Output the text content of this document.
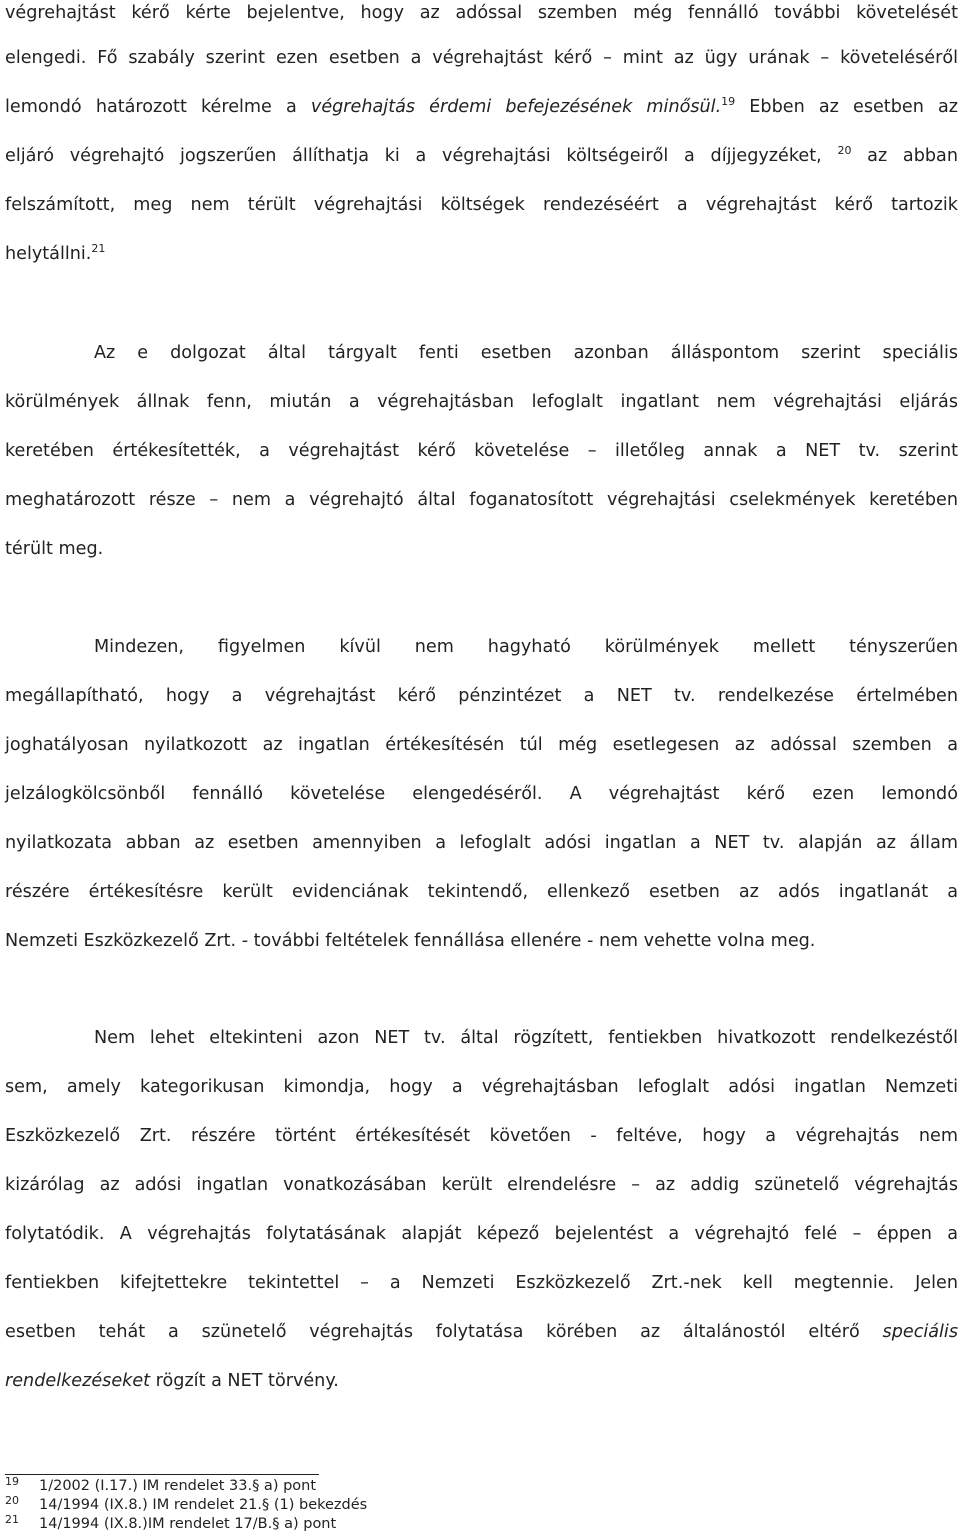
végrehajtást kérő kérte bejelentve, hogy az adóssal szemben még fennálló további követelését
elengedi. Fő szabály szerint ezen esetben a végrehajtást kérő – mint az ügy urának – követeléséről
lemondó határozott kérelme a végrehajtás érdemi befejezésének minősül.$^{19}$ Ebben az esetben az
eljáró végrehajtó jogszerűen állíthatja ki a végrehajtási költségeiről a díjjegyzéket, $^{20}$ az abban
felszámított, meg nem térült végrehajtási költségek rendezéséért a végrehajtást kérő tartozik
helytállni.$^{21}$
Az e dolgozat által tárgyalt fenti esetben azonban álláspontom szerint speciális
körülmények állnak fenn, miután a végrehajtásban lefoglalt ingatlant nem végrehajtási eljárás
keretében értékesítették, a végrehajtást kérő követelése – illetőleg annak a NET tv. szerint
meghatározott része – nem a végrehajtó által foganatosított végrehajtási cselekmények keretében
térült meg.
Mindezen, figyelmen kívül nem hagyható körülmények mellett tényszerűen
megállapítható, hogy a végrehajtást kérő pénzintézet a NET tv. rendelkezése értelmében
joghatályosan nyilatkozott az ingatlan értékesítésén túl még esetlegesen az adóssal szemben a
jelzálogkölcsönből fennálló követelése elengedéséről. A végrehajtást kérő ezen lemondó
nyilatkozata abban az esetben amennyiben a lefoglalt adósi ingatlan a NET tv. alapján az állam
részére értékesítésre került evidenciának tekintendő, ellenkező esetben az adós ingatlanát a
Nemzeti Eszközkezelő Zrt. - további feltételek fennállása ellenére - nem vehette volna meg.
Nem lehet eltekinteni azon NET tv. által rögzített, fentiekben hivatkozott rendelkezéstől
sem, amely kategorikusan kimondja, hogy a végrehajtásban lefoglalt adósi ingatlan Nemzeti
Eszközkezelő Zrt. részére történt értékesítését követően - feltéve, hogy a végrehajtás nem
kizárólag az adósi ingatlan vonatkozásában került elrendelésre – az addig szünetelő végrehajtás
folytatódik. A végrehajtás folytatásának alapját képező bejelentést a végrehajtó felé – éppen a
fentiekben kifejtettekre tekintettel – a Nemzeti Eszközkezelő Zrt.-nek kell megtennie. Jelen
esetben tehát a szünetelő végrehajtás folytatása körében az általánostól eltérő speciális
rendelkezéseket rögzít a NET törvény.
19 1/2002 (I.17.) IM rendelet 33.§ a) pont
20 14/1994 (IX.8.) IM rendelet 21.§ (1) bekezdés
21 14/1994 (IX.8.)IM rendelet 17/B.§ a) pont
